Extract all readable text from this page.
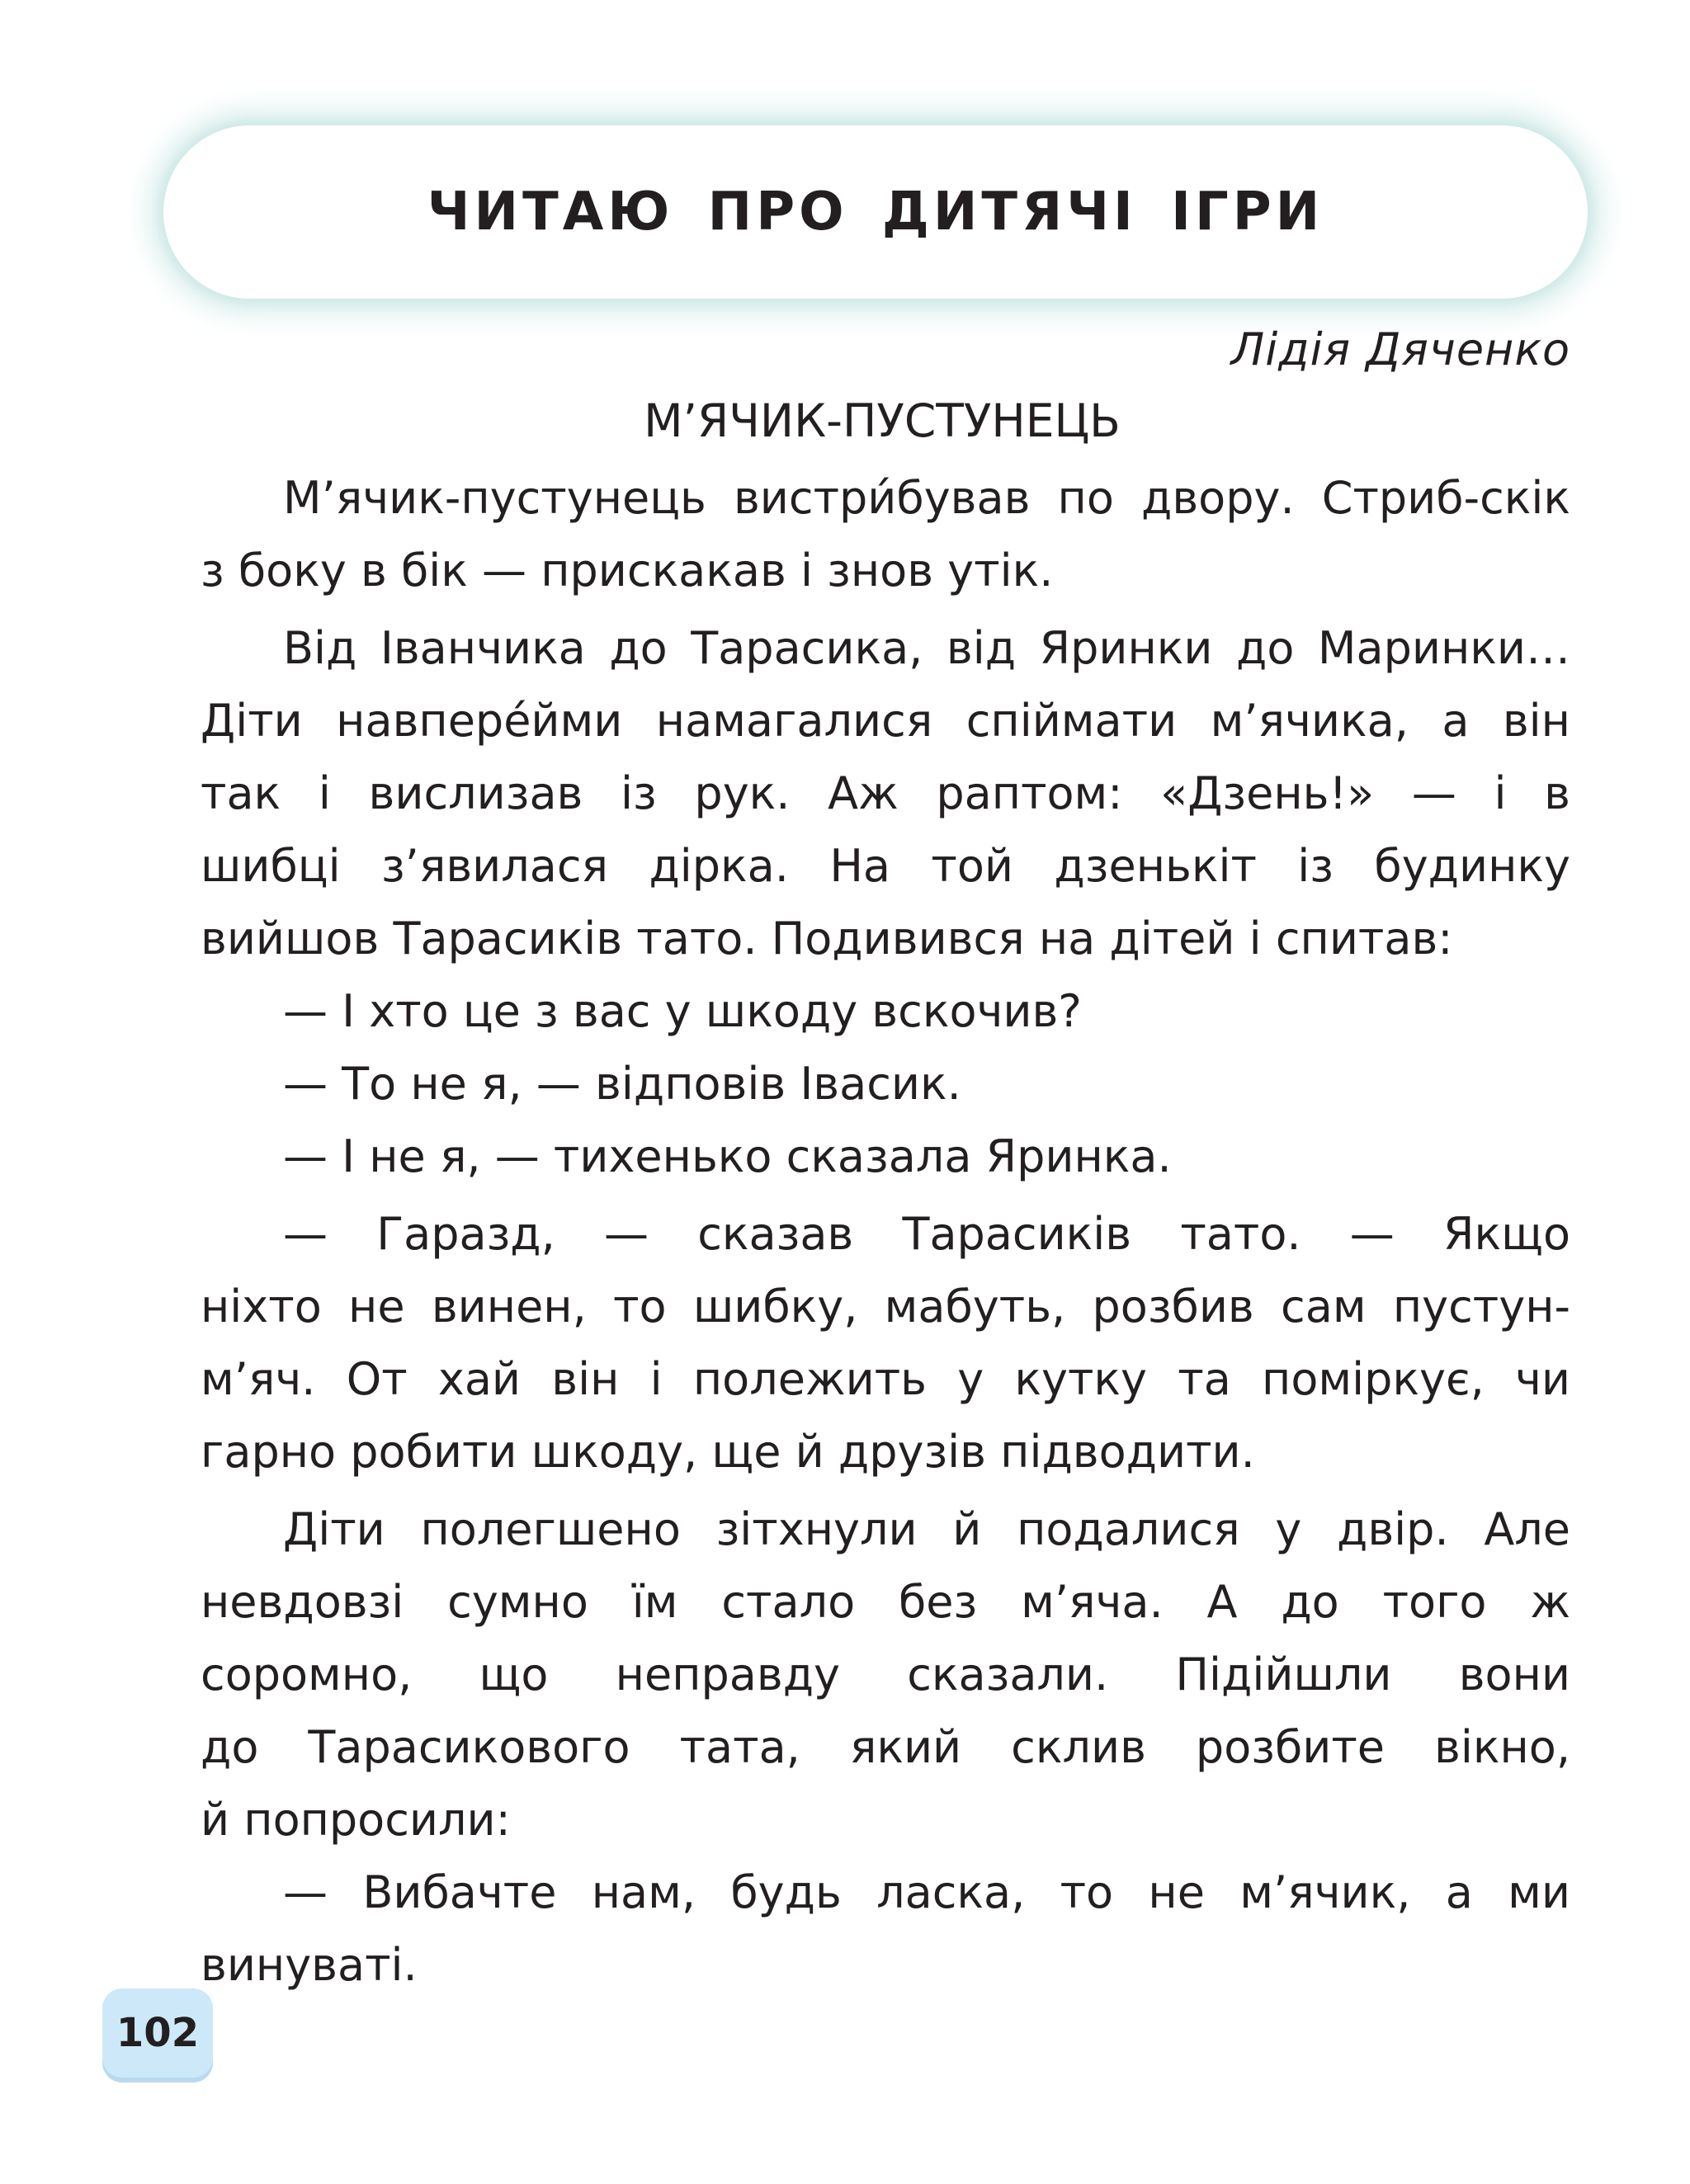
ЧИТАЮ ПРО ДИТЯЧІ ІГРИ
Лідія Дяченко
М’ЯЧИК-ПУСТУНЕЦЬ
М’ячик-пустунець вистри́бував по двору. Стриб-скік
з боку в бік — прискакав і знов утік.
Від Іванчика до Тарасика, від Яринки до Маринки…
Діти навпере́йми намагалися спіймати м’ячика, а він
так і вислизав із рук. Аж раптом: «Дзень!» — і в
шибці з’явилася дірка. На той дзенькіт із будинку
вийшов Тарасиків тато. Подивився на дітей і спитав:
— І хто це з вас у шкоду вскочив?
— То не я, — відповів Івасик.
— І не я, — тихенько сказала Яринка.
— Гаразд, — сказав Тарасиків тато. — Якщо
ніхто не винен, то шибку, мабуть, розбив сам пустун-
м’яч. От хай він і полежить у кутку та поміркує, чи
гарно робити шкоду, ще й друзів підводити.
Діти полегшено зітхнули й подалися у двір. Але
невдовзі сумно їм стало без м’яча. А до того ж
соромно, що неправду сказали. Підійшли вони
до Тарасикового тата, який склив розбите вікно,
й попросили:
— Вибачте нам, будь ласка, то не м’ячик, а ми
винуваті.
102
